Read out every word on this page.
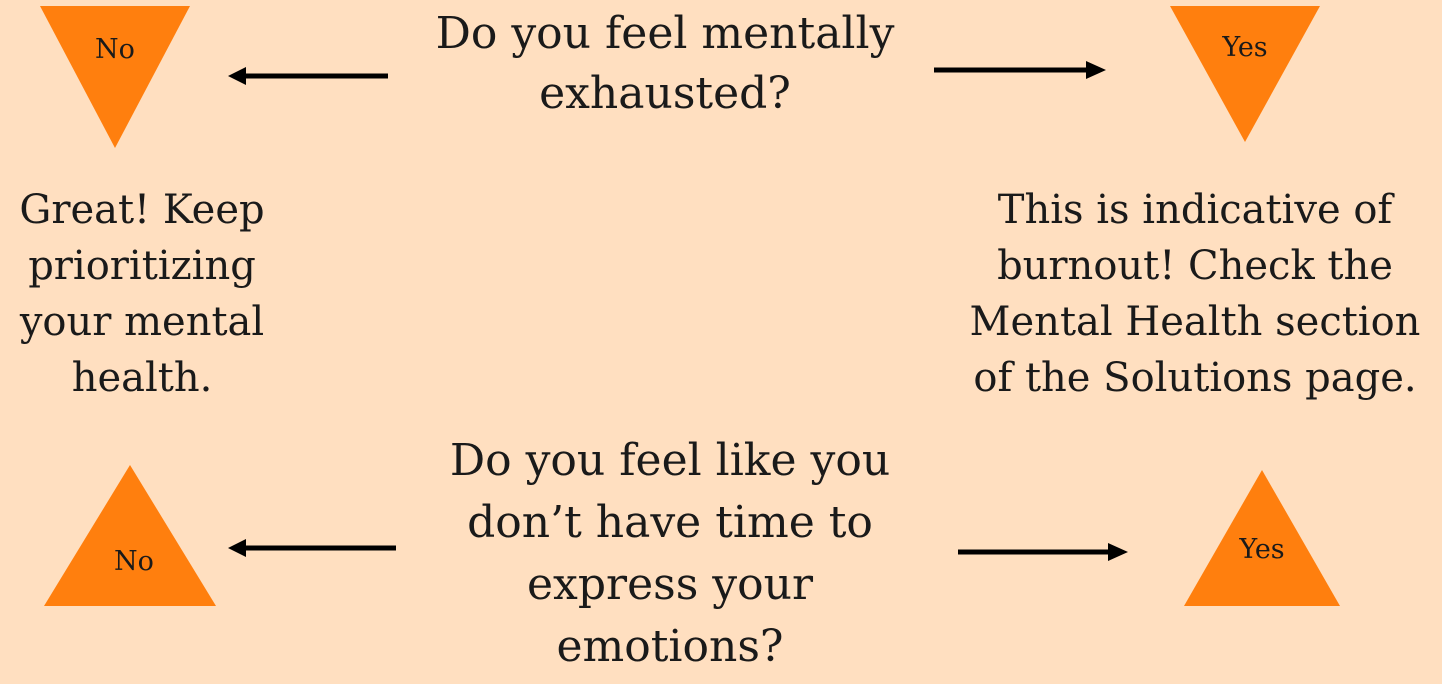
Do you feel mentally
exhausted?
No	Yes
Great! Keep
prioritizing
your mental
health.
This is indicative of
burnout! Check the
Mental Health section
of the Solutions page.
Do you feel like you
don’t have time to
express your
emotions?
No	Yes
